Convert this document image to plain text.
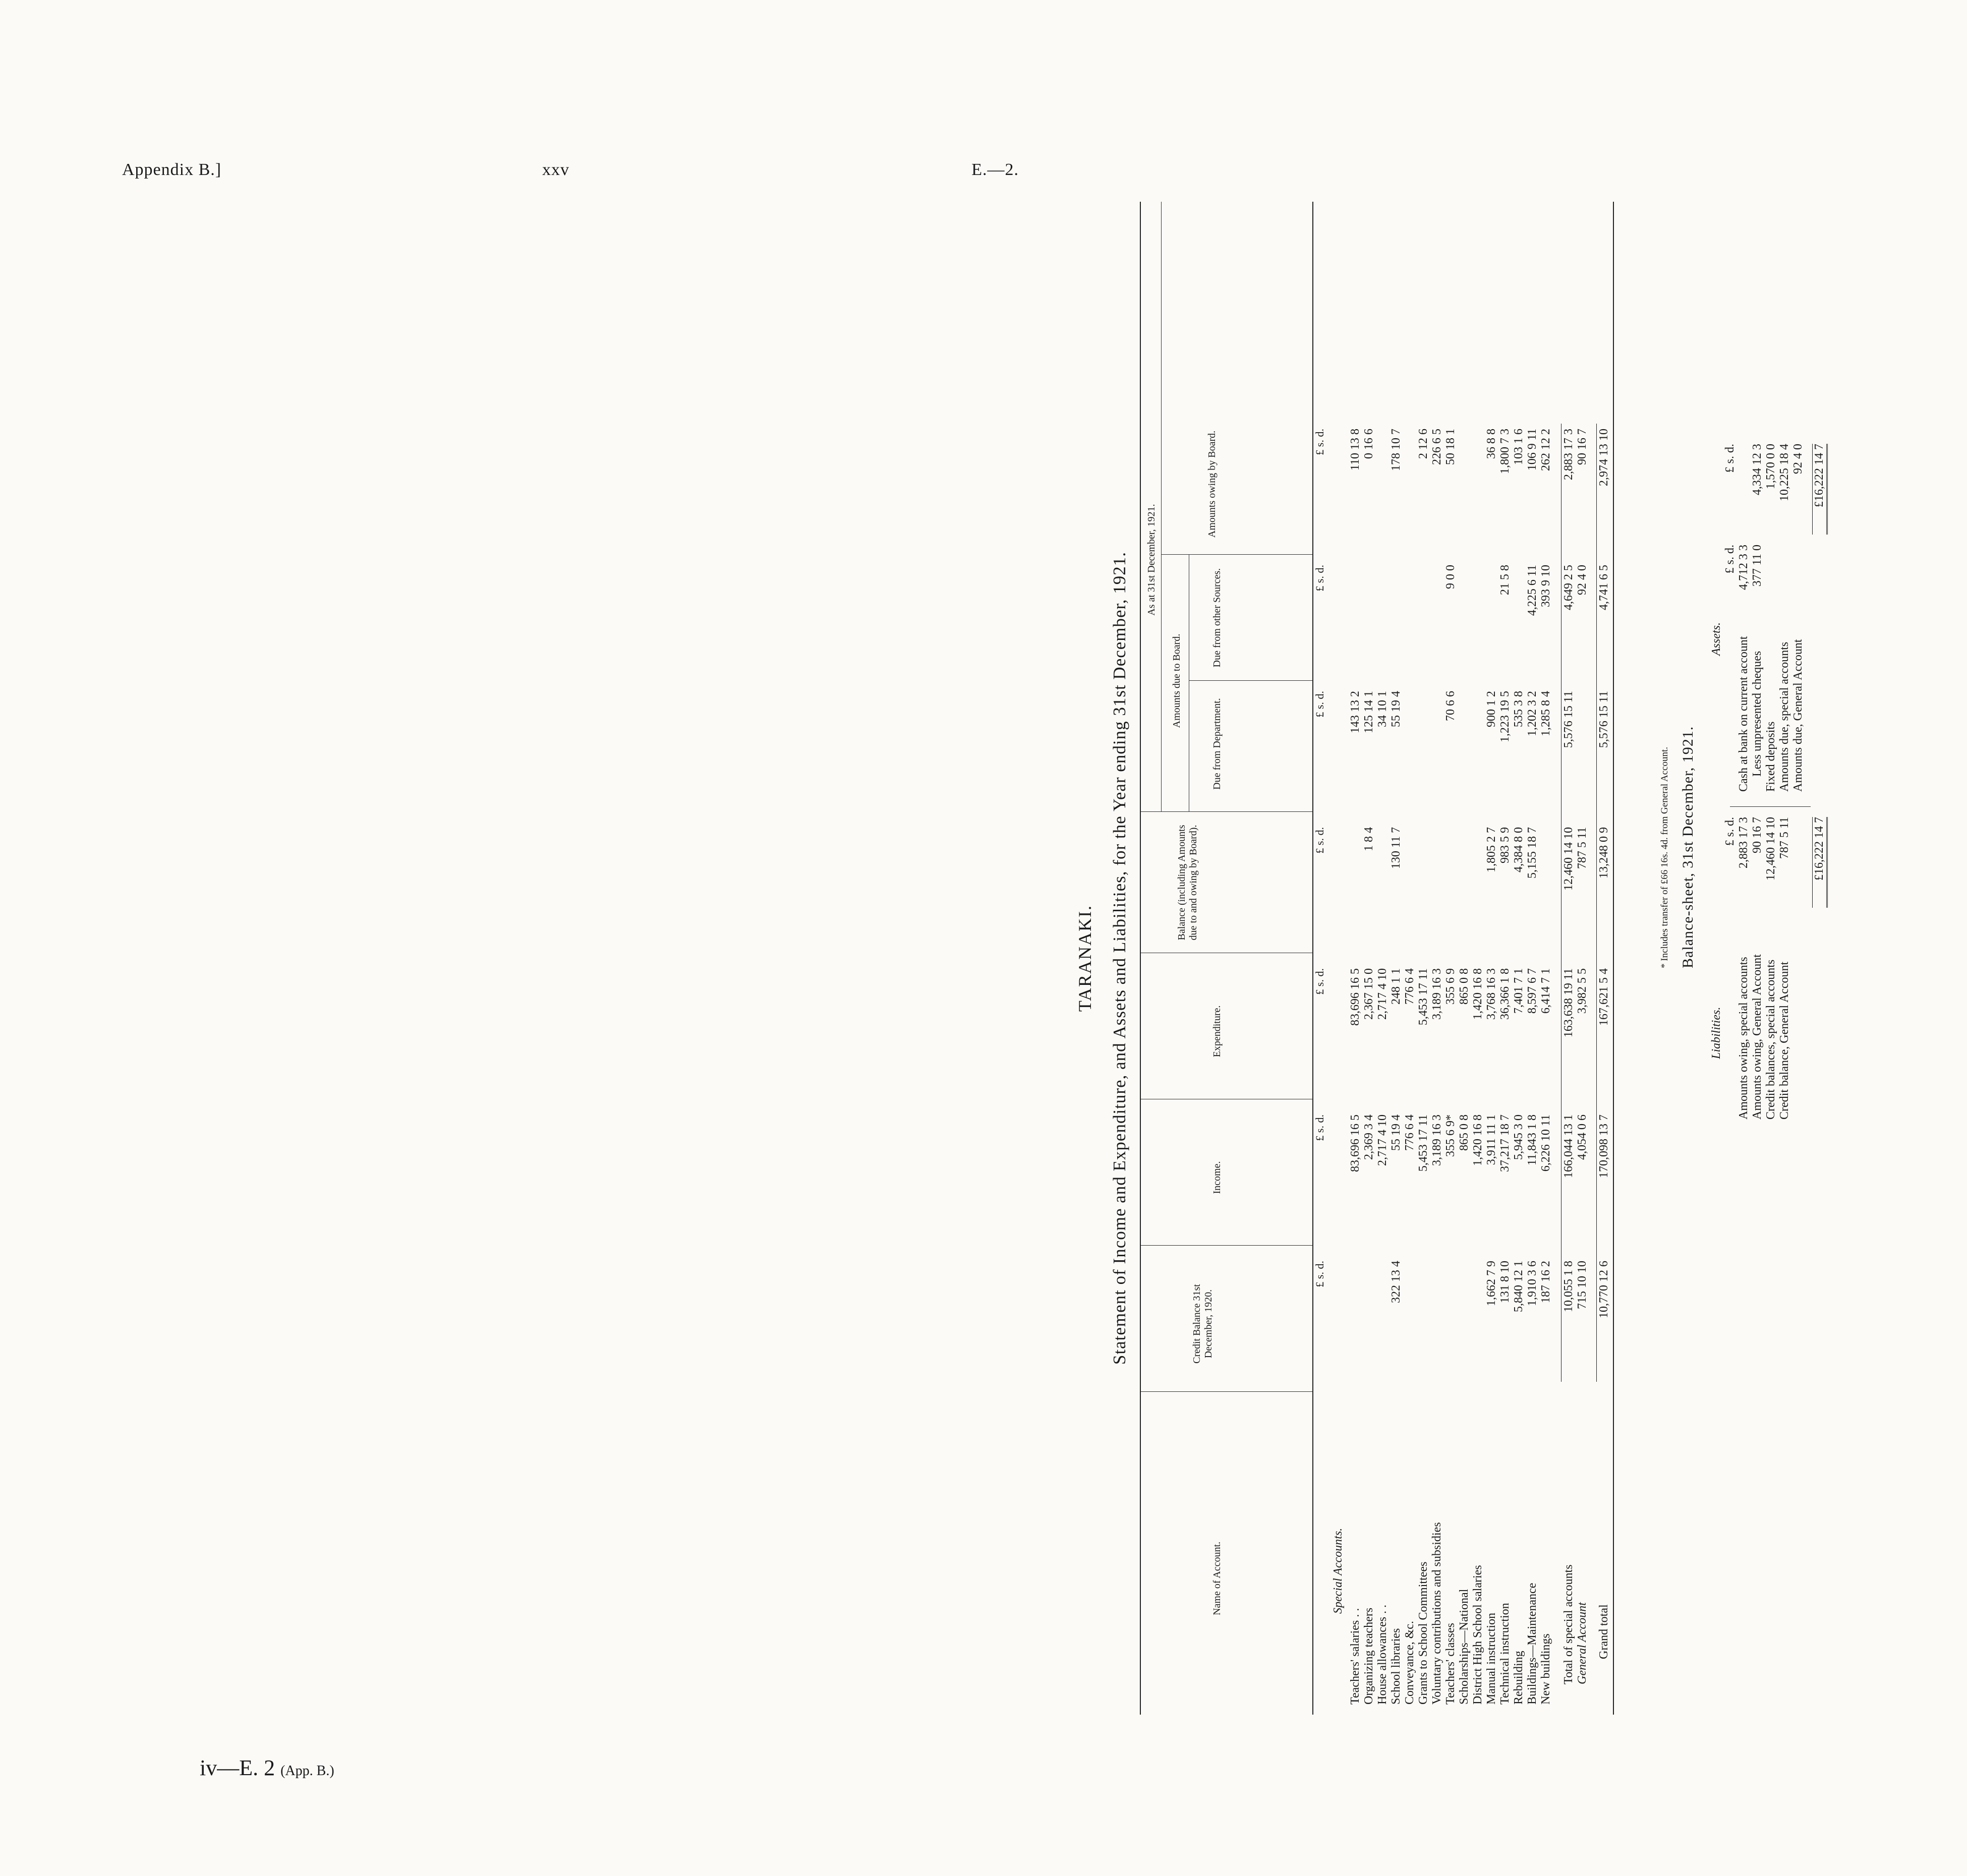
Appendix B.]	xxv	E.—2.
TARANAKI. Statement of Income and Expenditure, and Assets and Liabilities, for the Year ending 31st December, 1921.
Name of Account.
Credit Balance 31st December, 1920.
Income.
Expenditure.
Balance (including Amounts due to and owing by Board).
As at 31st December, 1921.
Amounts due to Board.
Due from Department.
Due from other Sources.
Amounts owing by Board.
£ s. d.
£ s. d.
£ s. d.
£ s. d.
£ s. d.
£ s. d.
£ s. d.
Special Accounts.
Teachers' salaries . .
83,696 16 5
83,696 16 5
143 13 2
110 13 8
Organizing teachers
2,369 3 4
2,367 15 0
1 8 4
125 14 1
0 16 6
House allowances . .
2,717 4 10
2,717 4 10
34 10 1
School libraries
322 13 4
55 19 4
248 1 1
130 11 7
55 19 4
178 10 7
Conveyance, &c.
776 6 4
776 6 4
Grants to School Committees
5,453 17 11
5,453 17 11
2 12 6
Voluntary contributions and subsidies
3,189 16 3
3,189 16 3
226 6 5
Teachers' classes
355 6 9*
355 6 9
70 6 6
9 0 0
50 18 1
Scholarships—National
865 0 8
865 0 8
District High School salaries
1,420 16 8
1,420 16 8
Manual instruction
1,662 7 9
3,911 11 1
3,768 16 3
1,805 2 7
900 1 2
36 8 8
Technical instruction
131 8 10
37,217 18 7
36,366 1 8
983 5 9
1,223 19 5
21 5 8
1,800 7 3
Rebuilding
5,840 12 1
5,945 3 0
7,401 7 1
4,384 8 0
535 3 8
103 1 6
Buildings—Maintenance
1,910 3 6
11,843 1 8
8,597 6 7
5,155 18 7
1,202 3 2
4,225 6 11
106 9 11
New buildings
187 16 2
6,226 10 11
6,414 7 1
1,285 8 4
393 9 10
262 12 2
Total of special accounts
10,055 1 8
166,044 13 1
163,638 19 11
12,460 14 10
5,576 15 11
4,649 2 5
2,883 17 3
General Account
715 10 10
4,054 0 6
3,982 5 5
787 5 11
92 4 0
90 16 7
Grand total
10,770 12 6
170,098 13 7
167,621 5 4
13,248 0 9
5,576 15 11
4,741 6 5
2,974 13 10
* Includes transfer of £66 16s. 4d. from General Account. Balance-sheet, 31st December, 1921.
Liabilities.
Assets.
£ s. d.
£ s. d.
£ s. d.
Amounts owing, special accounts
2,883 17 3
Cash at bank on current account
4,712 3 3
Amounts owing, General Account
90 16 7
Less unpresented cheques
377 11 0
4,334 12 3
Credit balances, special accounts
12,460 14 10
Fixed deposits
1,570 0 0
Credit balance, General Account
787 5 11
Amounts due, special accounts
10,225 18 4
Amounts due, General Account
92 4 0
£16,222 14 7
£16,222 14 7
iv—E. 2 (App. B.)
